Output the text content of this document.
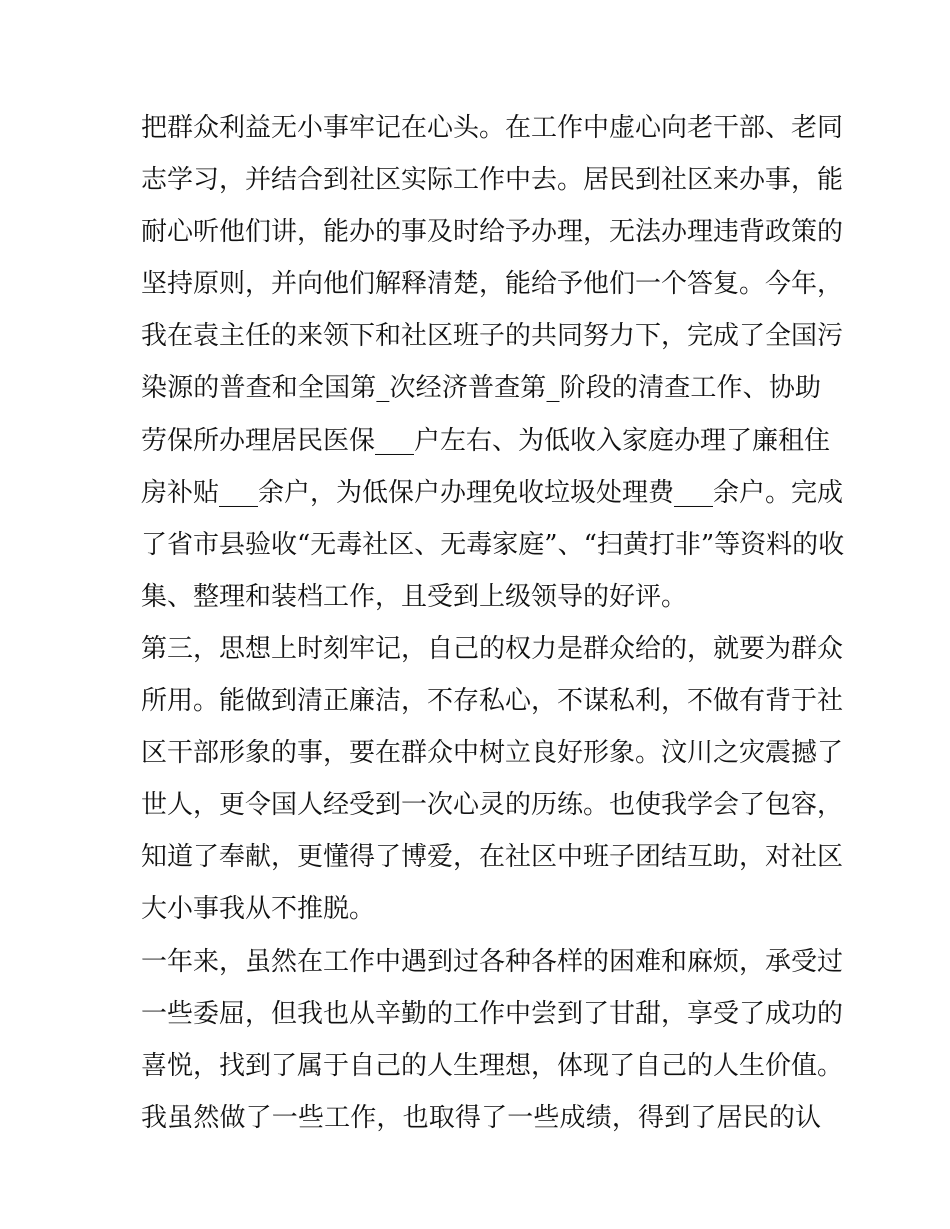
把群众利益无小事牢记在心头。在工作中虚心向老干部、老同
志学习，并结合到社区实际工作中去。居民到社区来办事，能
耐心听他们讲，能办的事及时给予办理，无法办理违背政策的
坚持原则，并向他们解释清楚，能给予他们一个答复。今年，
我在袁主任的来领下和社区班子的共同努力下，完成了全国污
染源的普查和全国第_次经济普查第_阶段的清查工作、协助
劳保所办理居民医保___户左右、为低收入家庭办理了廉租住
房补贴___余户，为低保户办理免收垃圾处理费___余户。完成
了省市县验收“无毒社区、无毒家庭”、“扫黄打非”等资料的收
集、整理和装档工作，且受到上级领导的好评。
第三，思想上时刻牢记，自己的权力是群众给的，就要为群众
所用。能做到清正廉洁，不存私心，不谋私利，不做有背于社
区干部形象的事，要在群众中树立良好形象。汶川之灾震撼了
世人，更令国人经受到一次心灵的历练。也使我学会了包容，
知道了奉献，更懂得了博爱，在社区中班子团结互助，对社区
大小事我从不推脱。
一年来，虽然在工作中遇到过各种各样的困难和麻烦，承受过
一些委屈，但我也从辛勤的工作中尝到了甘甜，享受了成功的
喜悦，找到了属于自己的人生理想，体现了自己的人生价值。
我虽然做了一些工作，也取得了一些成绩，得到了居民的认
